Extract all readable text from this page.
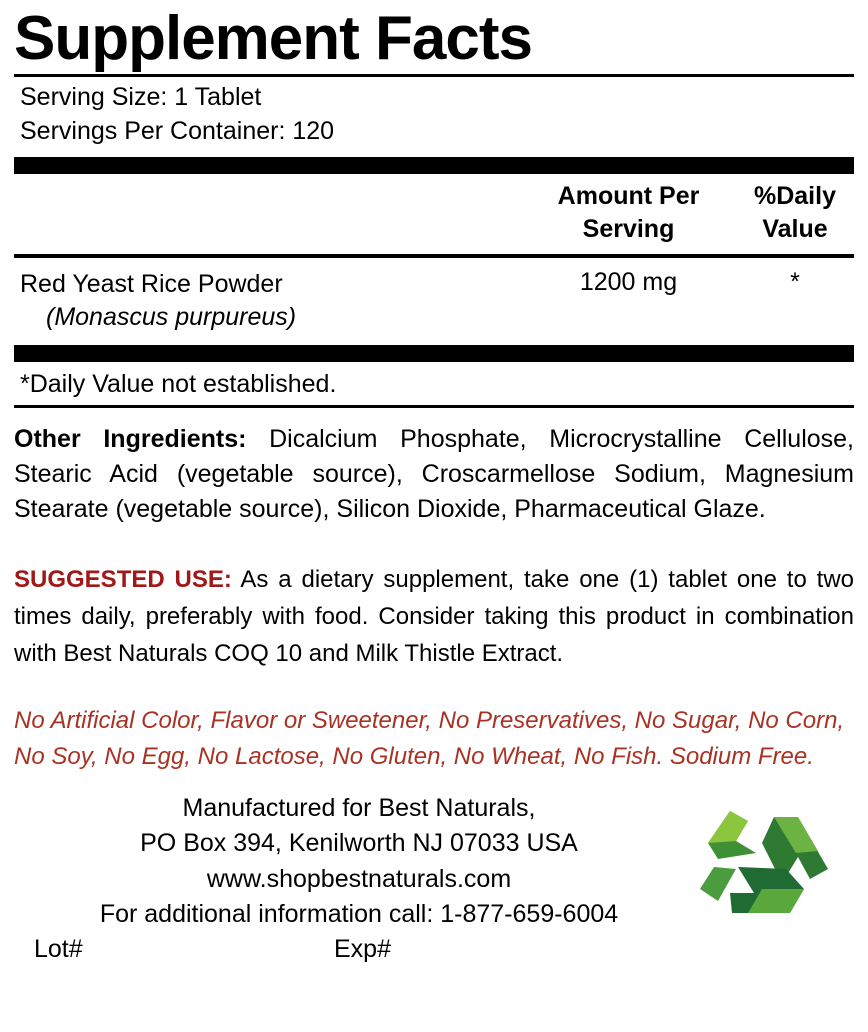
Supplement Facts
Serving Size: 1 Tablet
Servings Per Container: 120
Amount Per
Serving
%Daily
Value
Red Yeast Rice Powder
(Monascus purpureus)
1200 mg	*
*Daily Value not established.
Other Ingredients: Dicalcium Phosphate, Microcrystalline Cellulose, Stearic Acid (vegetable source), Croscarmellose Sodium, Magnesium Stearate (vegetable source), Silicon Dioxide, Pharmaceutical Glaze.
SUGGESTED USE: As a dietary supplement, take one (1) tablet one to two times daily, preferably with food. Consider taking this product in combination with Best Naturals COQ 10 and Milk Thistle Extract.
No Artificial Color, Flavor or Sweetener, No Preservatives, No Sugar, No Corn, No Soy, No Egg, No Lactose, No Gluten, No Wheat, No Fish. Sodium Free.
Manufactured for Best Naturals,
PO Box 394, Kenilworth NJ 07033 USA
www.shopbestnaturals.com
For additional information call: 1-877-659-6004
Lot#	Exp#
